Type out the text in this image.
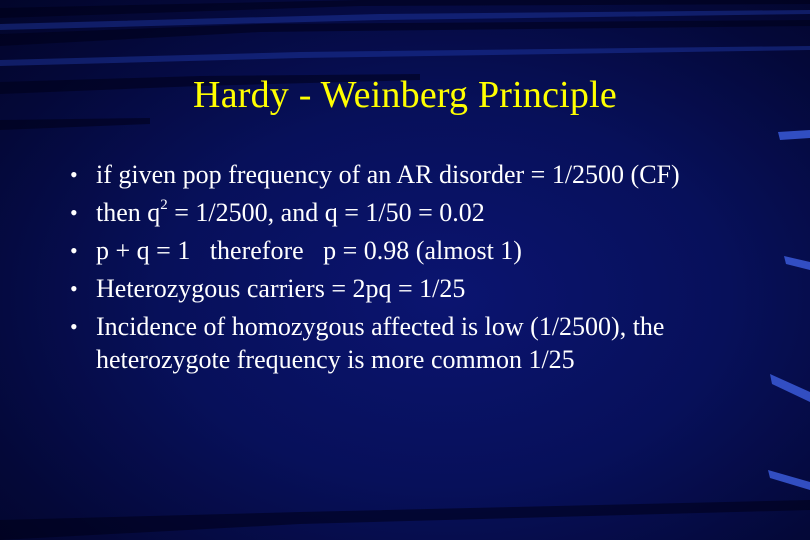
Hardy - Weinberg Principle
• if given pop frequency of an AR disorder = 1/2500 (CF)
• then $q^2 = 1/2500$, and q = 1/50 = 0.02
• p + q = 1   therefore   p = 0.98 (almost 1)
• Heterozygous carriers = 2pq = 1/25
• Incidence of homozygous affected is low (1/2500), the heterozygote frequency is more common 1/25
